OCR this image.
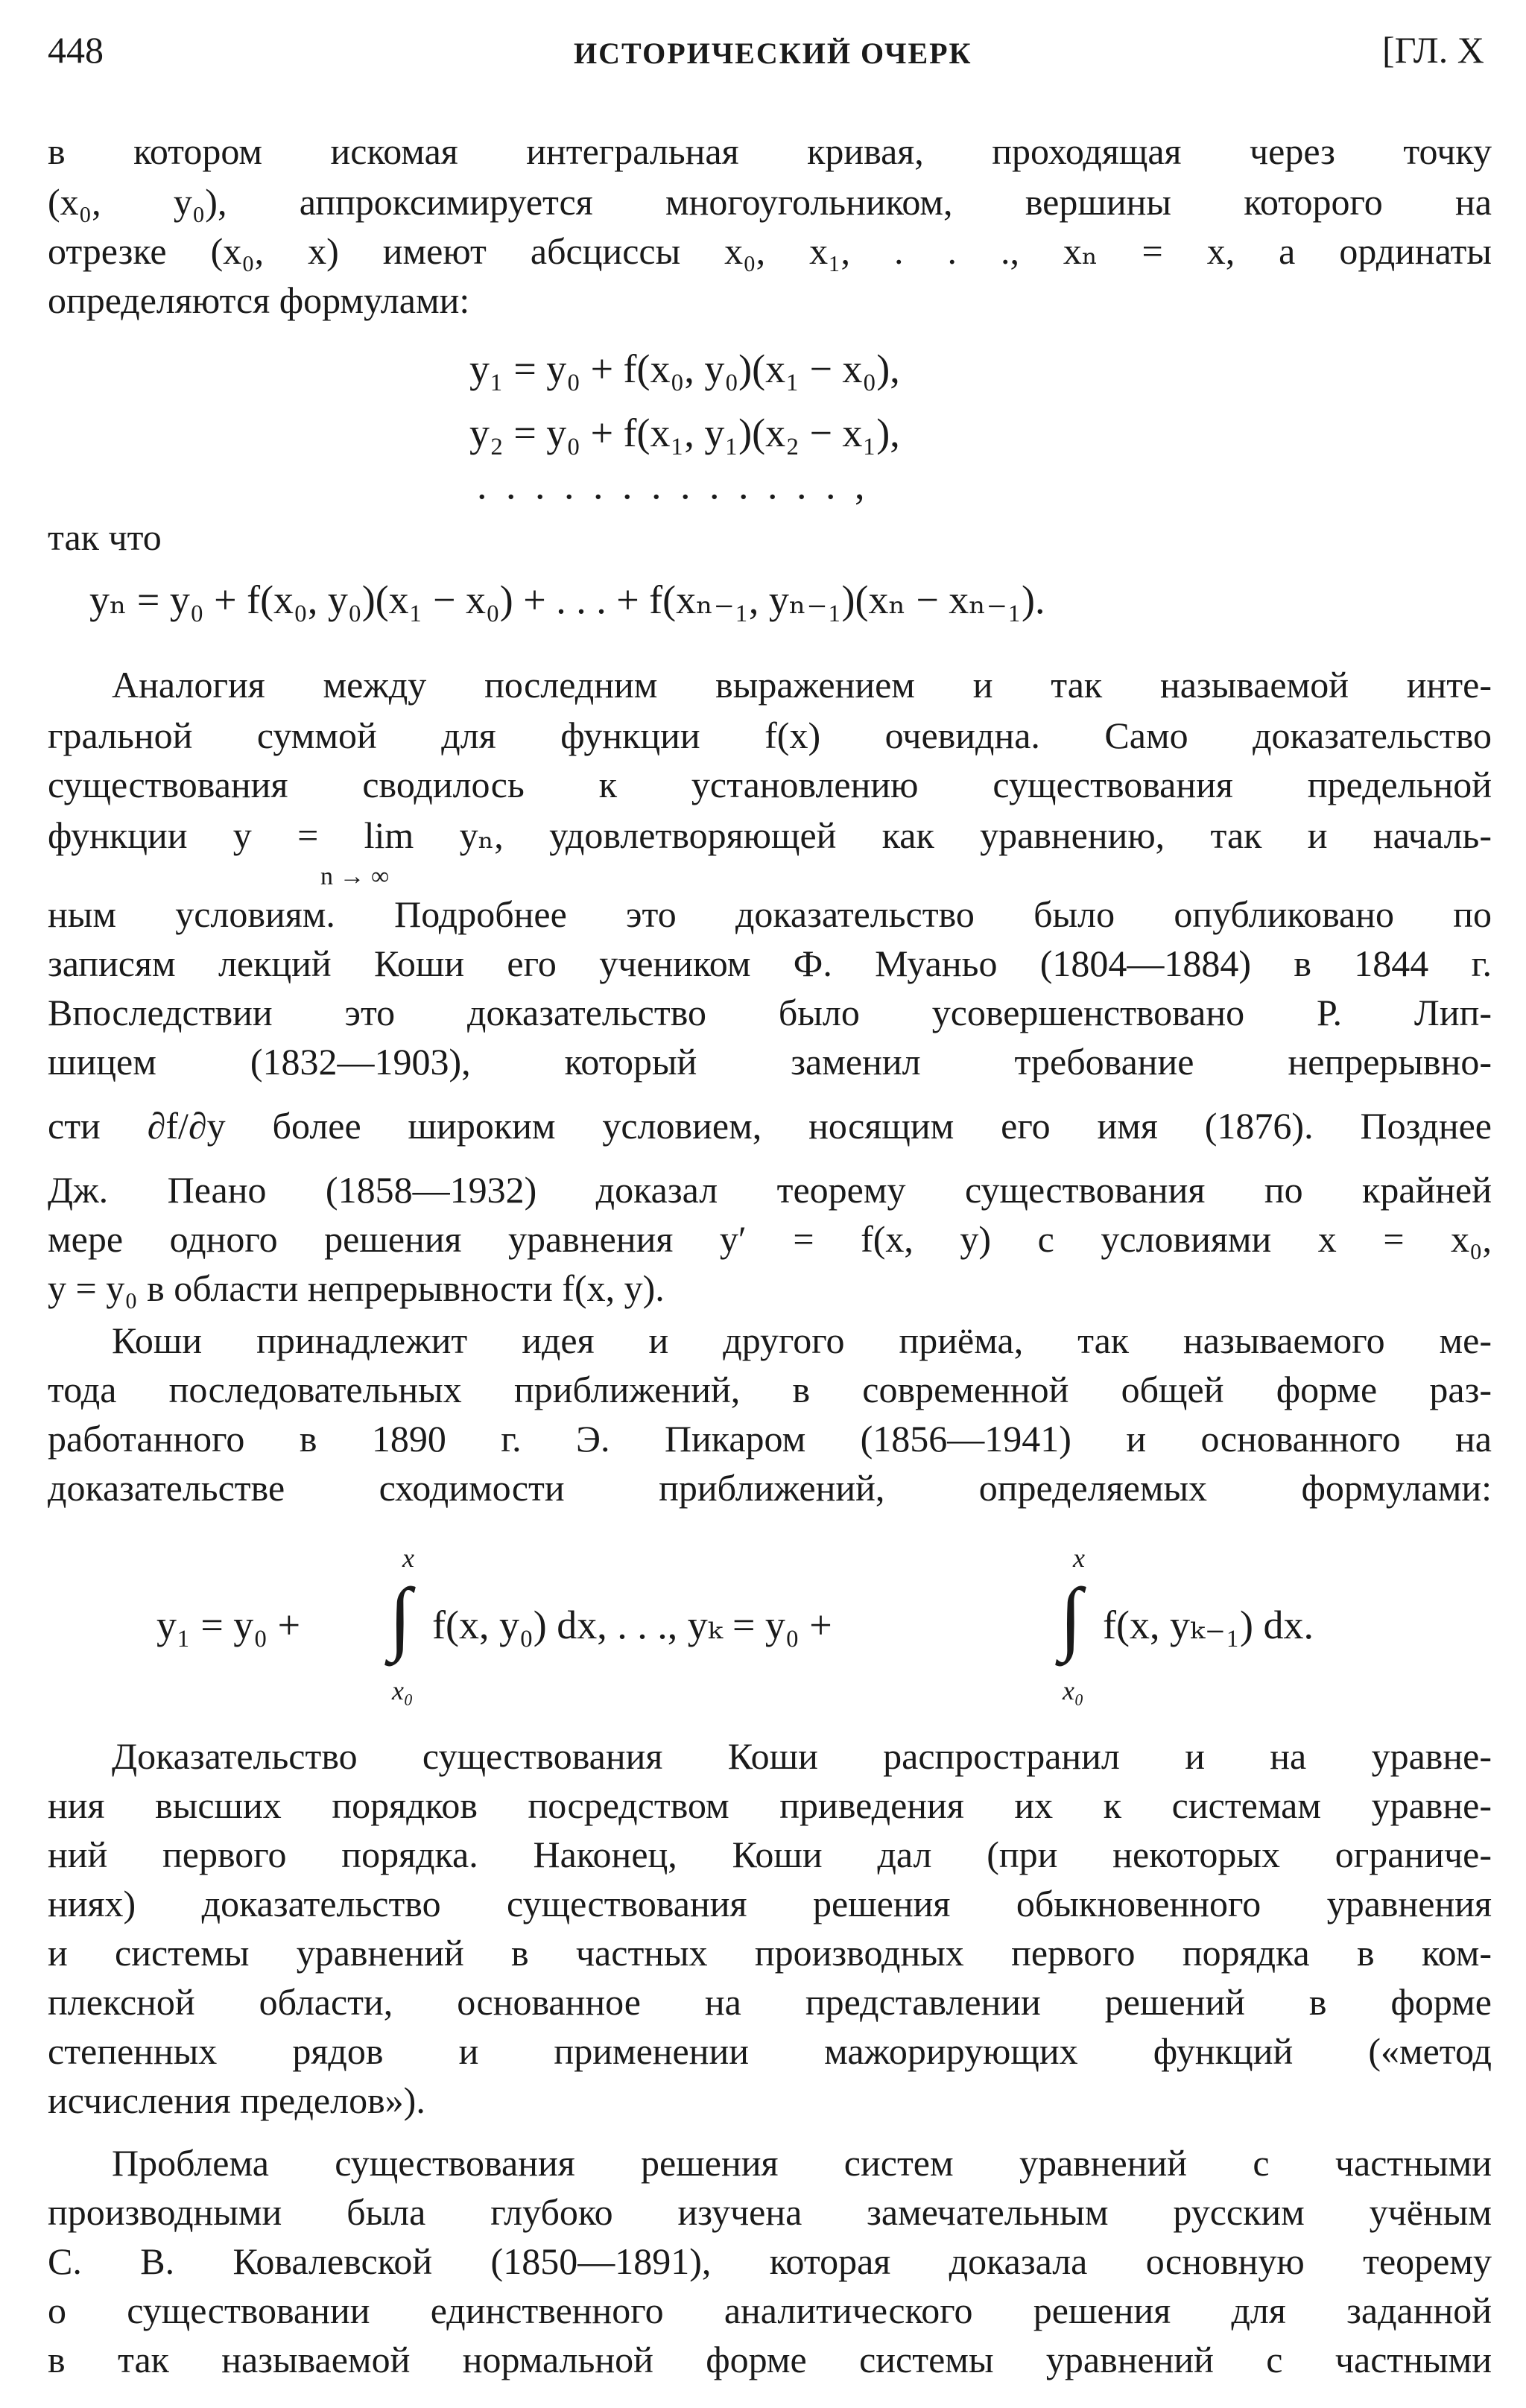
448	ИСТОРИЧЕСКИЙ ОЧЕРК	[ГЛ. X
в котором искомая интегральная кривая, проходящая через точку
(x₀, y₀), аппроксимируется многоугольником, вершины которого на
отрезке (x₀, x) имеют абсциссы x₀, x₁, . . ., xₙ = x, а ординаты
определяются формулами:
y₁ = y₀ + f(x₀, y₀)(x₁ − x₀),
y₂ = y₀ + f(x₁, y₁)(x₂ − x₁),
. . . . . . . . . . . . . ,
так что
yₙ = y₀ + f(x₀, y₀)(x₁ − x₀) + . . . + f(xₙ₋₁, yₙ₋₁)(xₙ − xₙ₋₁).
Аналогия между последним выражением и так называемой инте-
гральной суммой для функции f(x) очевидна. Само доказательство
существования сводилось к установлению существования предельной
функции y = lim yₙ, удовлетворяющей как уравнению, так и началь-
n → ∞
ным условиям. Подробнее это доказательство было опубликовано по
записям лекций Коши его учеником Ф. Муаньо (1804—1884) в 1844 г.
Впоследствии это доказательство было усовершенствовано Р. Лип-
шицем (1832—1903), который заменил требование непрерывно-
сти ∂f/∂y более широким условием, носящим его имя (1876). Позднее
Дж. Пеано (1858—1932) доказал теорему существования по крайней
мере одного решения уравнения y′ = f(x, y) с условиями x = x₀,
y = y₀ в области непрерывности f(x, y).
Коши принадлежит идея и другого приёма, так называемого ме-
тода последовательных приближений, в современной общей форме раз-
работанного в 1890 г. Э. Пикаром (1856—1941) и основанного на
доказательстве сходимости приближений, определяемых формулами:
y₁ = y₀ +
x
∫
x₀
f(x, y₀) dx, . . ., yₖ = y₀ +
x
∫
x₀
f(x, yₖ₋₁) dx.
Доказательство существования Коши распространил и на уравне-
ния высших порядков посредством приведения их к системам уравне-
ний первого порядка. Наконец, Коши дал (при некоторых ограниче-
ниях) доказательство существования решения обыкновенного уравнения
и системы уравнений в частных производных первого порядка в ком-
плексной области, основанное на представлении решений в форме
степенных рядов и применении мажорирующих функций («метод
исчисления пределов»).
Проблема существования решения систем уравнений с частными
производными была глубоко изучена замечательным русским учёным
С. В. Ковалевской (1850—1891), которая доказала основную теорему
о существовании единственного аналитического решения для заданной
в так называемой нормальной форме системы уравнений с частными
